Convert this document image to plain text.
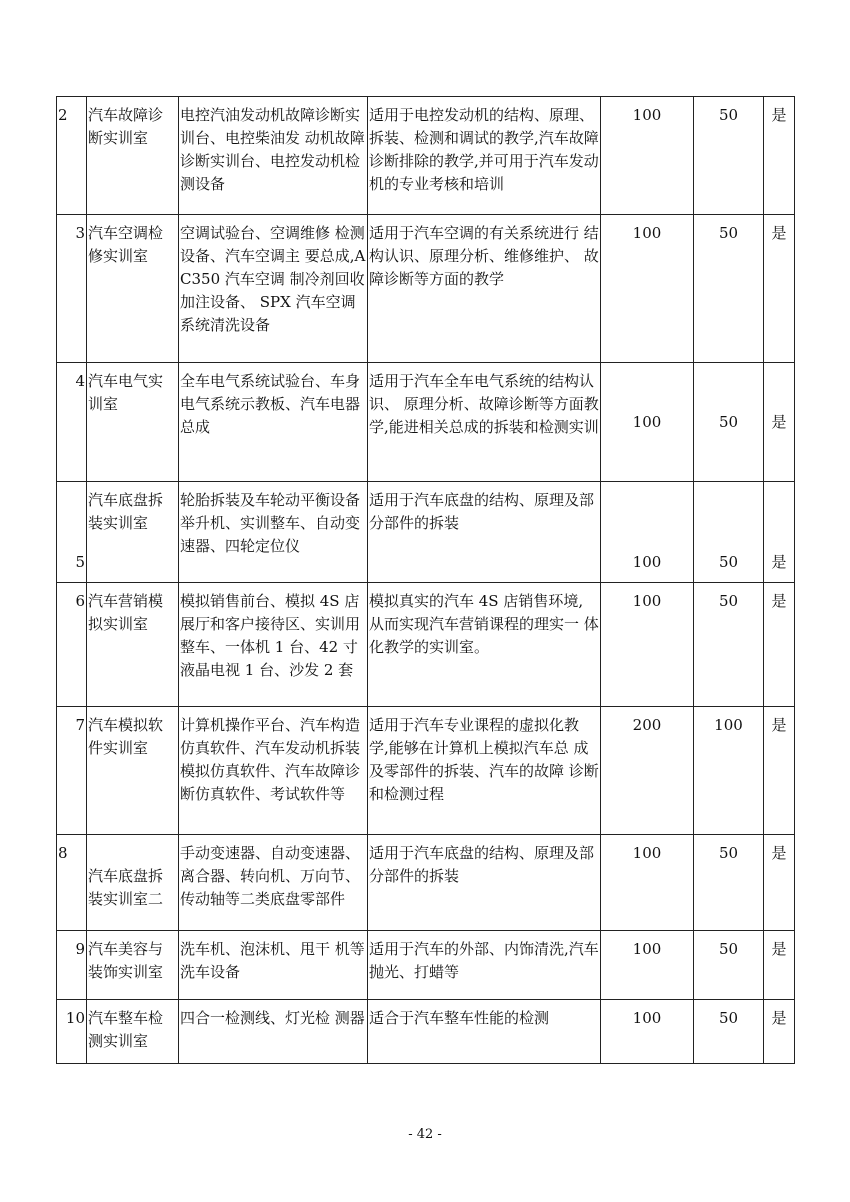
2	汽车故障诊断实训室	电控汽油发动机故障诊断实训台、电控柴油发 动机故障诊断实训台、电控发动机检测设备	适用于电控发动机的结构、原理、 拆装、检测和调试的教学,汽车故障诊断排除的教学,并可用于汽车发动机的专业考核和培训	100	50	是
3	汽车空调检修实训室	空调试验台、空调维修 检测设备、汽车空调主 要总成,AC350 汽车空调 制冷剂回收加注设备、 SPX 汽车空调系统清洗设备	适用于汽车空调的有关系统进行 结构认识、原理分析、维修维护、 故障诊断等方面的教学	100	50	是
4	汽车电气实训室	全车电气系统试验台、车身电气系统示教板、汽车电器总成	适用于汽车全车电气系统的结构认识、 原理分析、故障诊断等方面教学,能进相关总成的拆装和检测实训	100	50	是
5	汽车底盘拆装实训室	轮胎拆装及车轮动平衡设备举升机、实训整车、自动变速器、四轮定位仪	适用于汽车底盘的结构、原理及部分部件的拆装	100	50	是
6	汽车营销模拟实训室	模拟销售前台、模拟 4S 店展厅和客户接待区、实训用整车、一体机 1 台、42 寸液晶电视 1 台、沙发 2 套	模拟真实的汽车 4S 店销售环境, 从而实现汽车营销课程的理实一 体化教学的实训室。	100	50	是
7	汽车模拟软件实训室	计算机操作平台、汽车构造仿真软件、汽车发动机拆装模拟仿真软件、汽车故障诊断仿真软件、考试软件等	适用于汽车专业课程的虚拟化教 学,能够在计算机上模拟汽车总 成及零部件的拆装、汽车的故障 诊断和检测过程	200	100	是
8	汽车底盘拆装实训室二	手动变速器、自动变速器、离合器、转向机、万向节、传动轴等二类底盘零部件	适用于汽车底盘的结构、原理及部分部件的拆装	100	50	是
9	汽车美容与装饰实训室	洗车机、泡沫机、甩干 机等洗车设备	适用于汽车的外部、内饰清洗,汽车抛光、打蜡等	100	50	是
10	汽车整车检测实训室	四合一检测线、灯光检 测器	适合于汽车整车性能的检测	100	50	是
- 42 -
